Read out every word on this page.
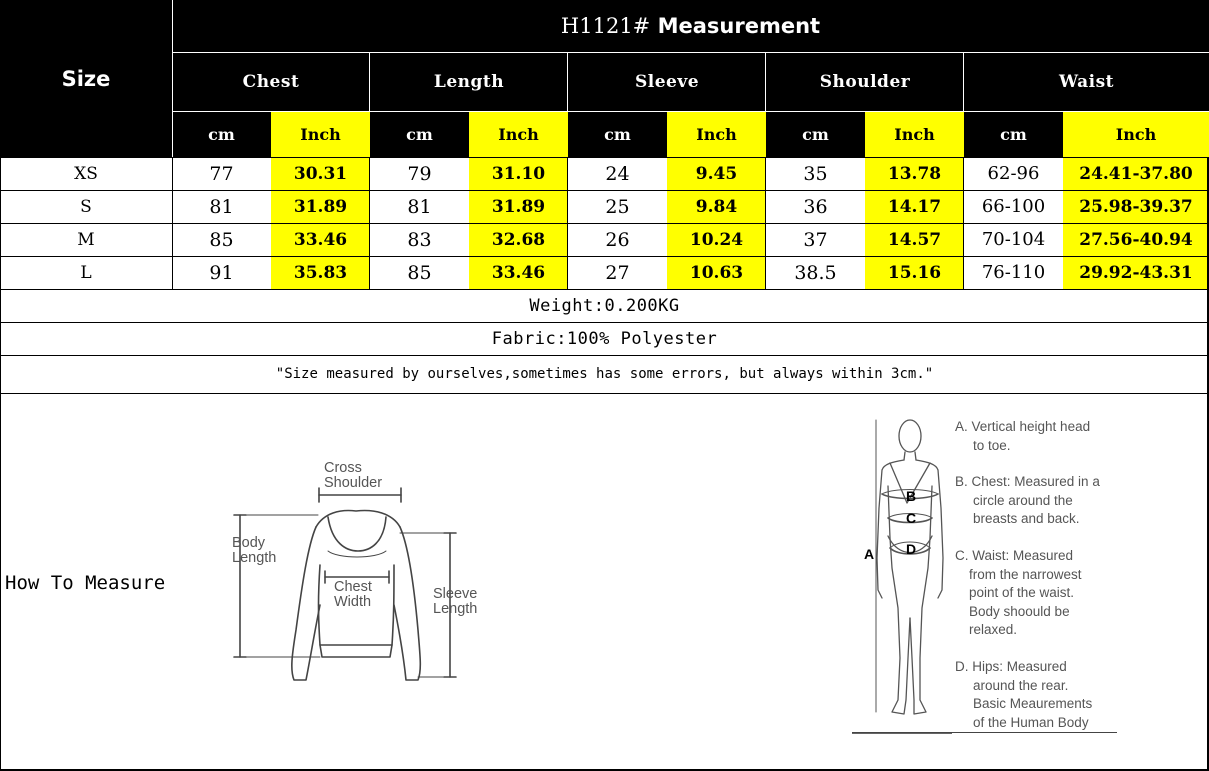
Size
H1121#
Measurement
Chest	Length	Sleeve	Shoulder	Waist
cm	Inch	cm	Inch	cm	Inch	cm	Inch	cm	Inch
XS	77	30.31	79	31.10	24	9.45	35	13.78	62-96	24.41-37.80
S	81	31.89	81	31.89	25	9.84	36	14.17	66-100	25.98-39.37
M	85	33.46	83	32.68	26	10.24	37	14.57	70-104	27.56-40.94
L	91	35.83	85	33.46	27	10.63	38.5	15.16	76-110	29.92-43.31
Weight:0.200KG
Fabric:100% Polyester
"Size measured by ourselves,sometimes has some errors, but always within 3cm."
How To Measure
Cross
Shoulder
Body
Length
Chest
Width	Sleeve
Length
A
B
C
D
A. Vertical height head
to toe.
B. Chest: Measured in a
circle around the
breasts and back.
C. Waist: Measured
from the narrowest
point of the waist.
Body shoould be
relaxed.
D. Hips: Measured
around the rear.
Basic Meaurements
of the Human Body
